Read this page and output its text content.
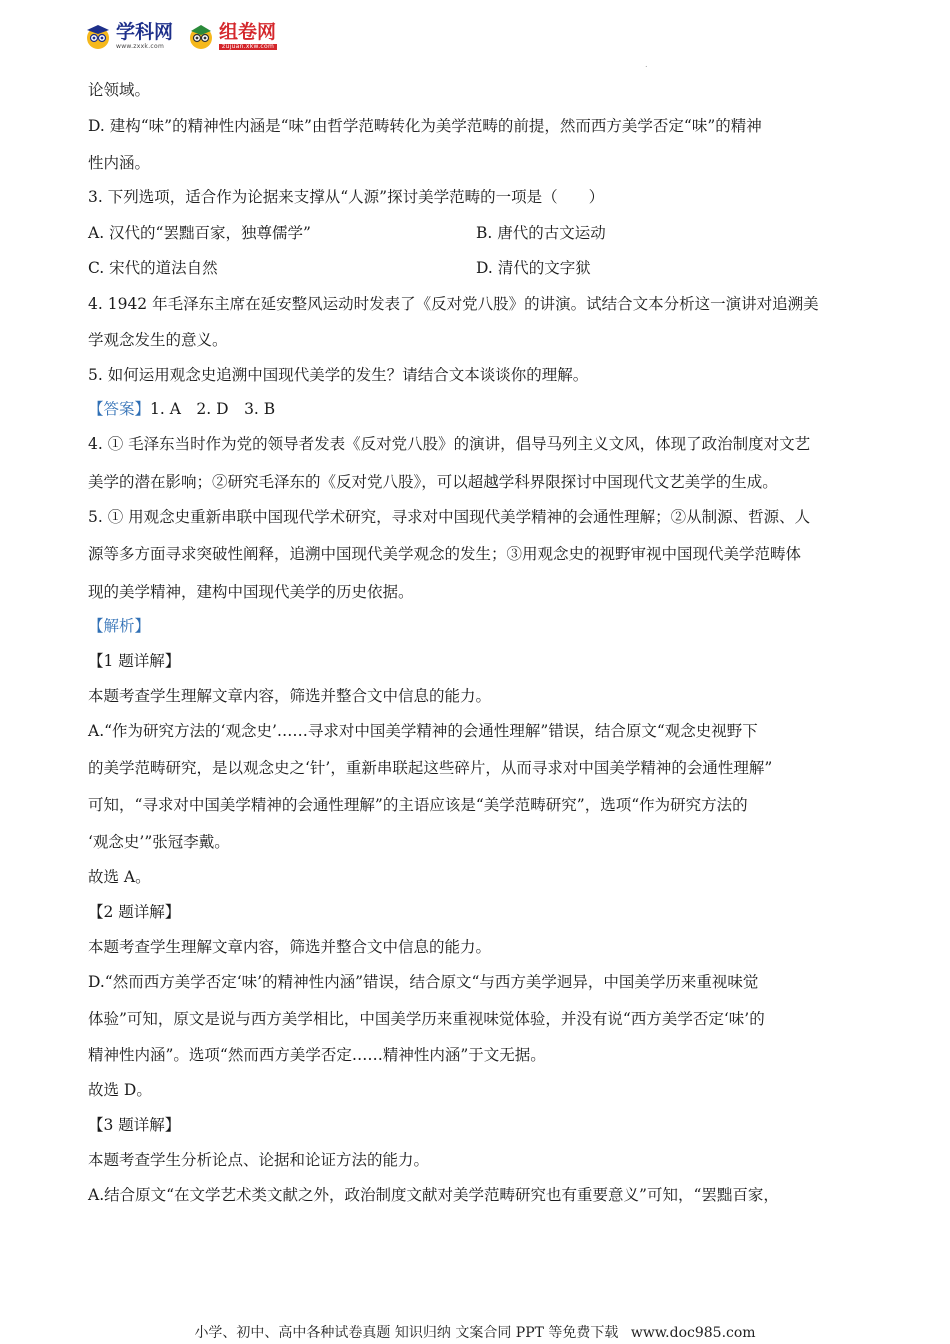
学科网
www.zxxk.com
组卷网
zujuan.xkw.com
.
论领域。
D. 建构“味”的精神性内涵是“味”由哲学范畴转化为美学范畴的前提，然而西方美学否定“味”的精神
性内涵。
3. 下列选项，适合作为论据来支撑从“人源”探讨美学范畴的一项是（　　）
A. 汉代的“罢黜百家，独尊儒学”	B. 唐代的古文运动
C. 宋代的道法自然	D. 清代的文字狱
4. 1942 年毛泽东主席在延安整风运动时发表了《反对党八股》的讲演。试结合文本分析这一演讲对追溯美
学观念发生的意义。
5. 如何运用观念史追溯中国现代美学的发生？请结合文本谈谈你的理解。
【答案】1. A　2. D　3. B
4. ① 毛泽东当时作为党的领导者发表《反对党八股》的演讲，倡导马列主义文风，体现了政治制度对文艺
美学的潜在影响；②研究毛泽东的《反对党八股》，可以超越学科界限探讨中国现代文艺美学的生成。
5. ① 用观念史重新串联中国现代学术研究，寻求对中国现代美学精神的会通性理解；②从制源、哲源、人
源等多方面寻求突破性阐释，追溯中国现代美学观念的发生；③用观念史的视野审视中国现代美学范畴体
现的美学精神，建构中国现代美学的历史依据。
【解析】
【1 题详解】
本题考查学生理解文章内容，筛选并整合文中信息的能力。
A.“作为研究方法的‘观念史’……寻求对中国美学精神的会通性理解”错误，结合原文“观念史视野下
的美学范畴研究，是以观念史之‘针’，重新串联起这些碎片，从而寻求对中国美学精神的会通性理解”
可知，“寻求对中国美学精神的会通性理解”的主语应该是“美学范畴研究”，选项“作为研究方法的
‘观念史’”张冠李戴。
故选 A。
【2 题详解】
本题考查学生理解文章内容，筛选并整合文中信息的能力。
D.“然而西方美学否定‘味’的精神性内涵”错误，结合原文“与西方美学迥异，中国美学历来重视味觉
体验”可知，原文是说与西方美学相比，中国美学历来重视味觉体验，并没有说“西方美学否定‘味’的
精神性内涵”。选项“然而西方美学否定……精神性内涵”于文无据。
故选 D。
【3 题详解】
本题考查学生分析论点、论据和论证方法的能力。
A.结合原文“在文学艺术类文献之外，政治制度文献对美学范畴研究也有重要意义”可知，“罢黜百家，
小学、初中、高中各种试卷真题 知识归纳 文案合同 PPT 等免费下载 www.doc985.com
